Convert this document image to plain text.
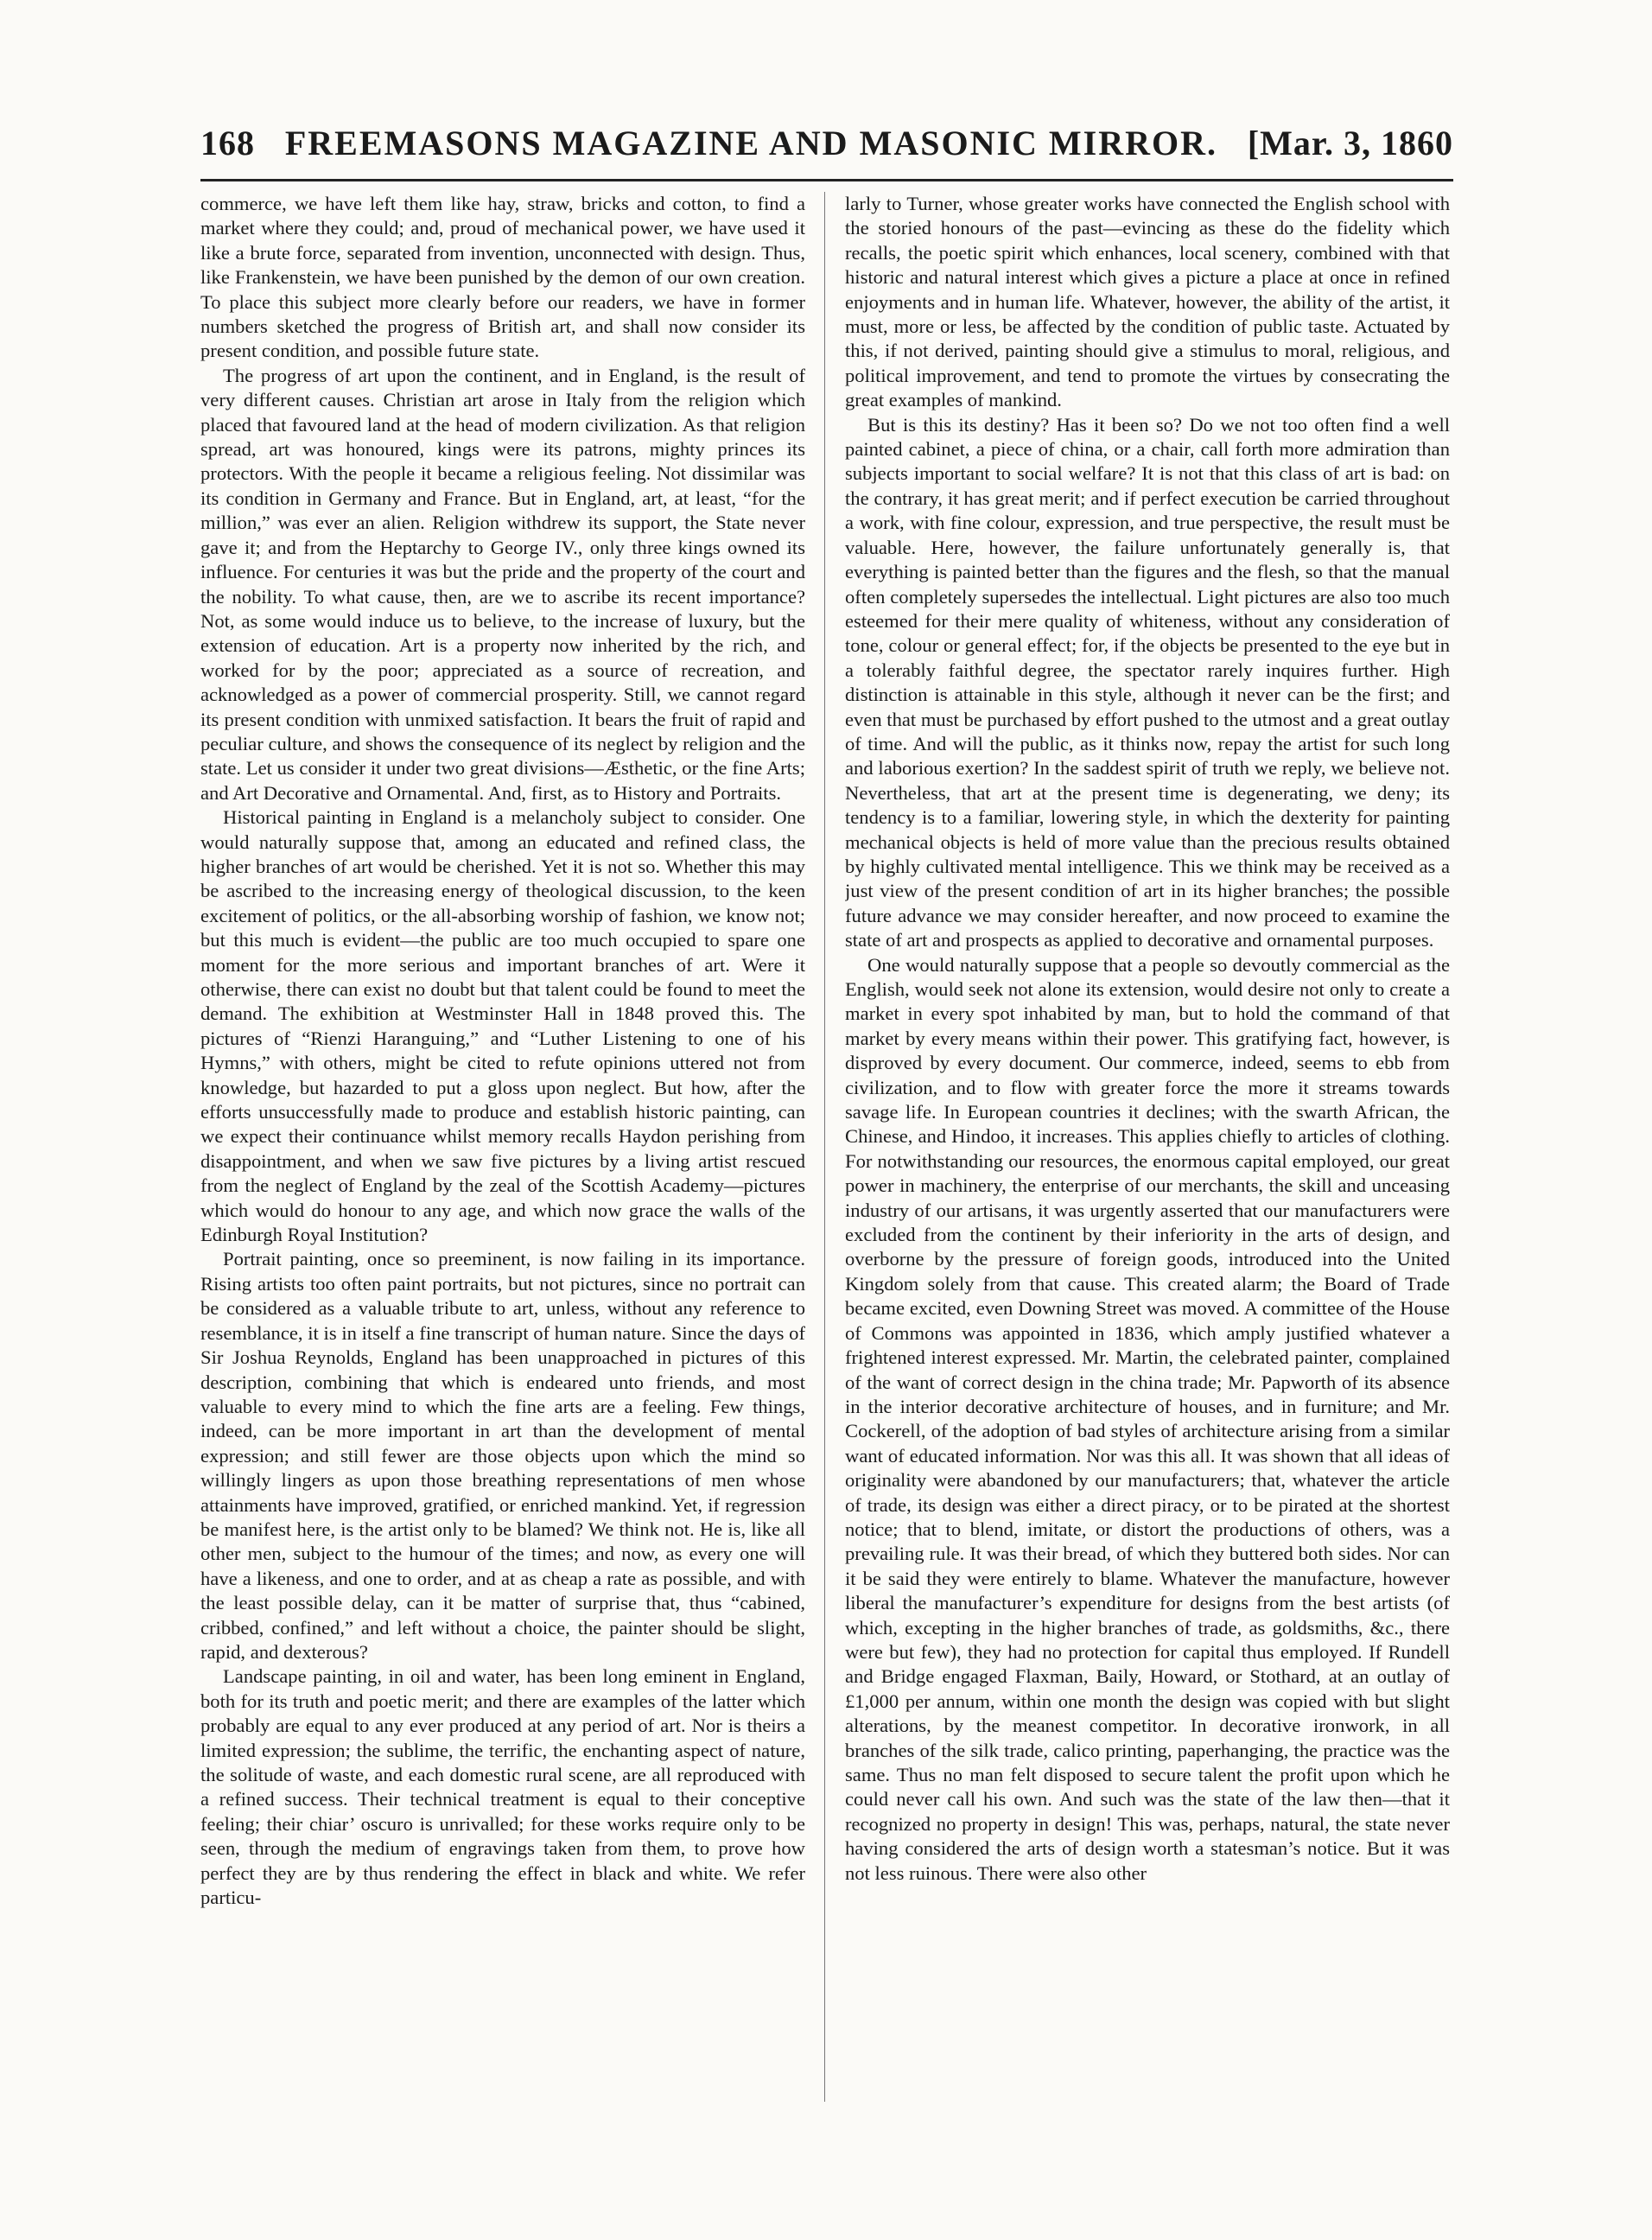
168 FREEMASONS MAGAZINE AND MASONIC MIRROR. [Mar. 3, 1860

commerce, we have left them like hay, straw, bricks and cotton, to find a market where they could; and, proud of mechanical power, we have used it like a brute force, separated from invention, unconnected with design. Thus, like Frankenstein, we have been punished by the demon of our own creation. To place this subject more clearly before our readers, we have in former numbers sketched the progress of British art, and shall now consider its present condition, and possible future state.

The progress of art upon the continent, and in England, is the result of very different causes. Christian art arose in Italy from the religion which placed that favoured land at the head of modern civilization. As that religion spread, art was honoured, kings were its patrons, mighty princes its protectors. With the people it became a religious feeling. Not dissimilar was its condition in Germany and France. But in England, art, at least, “for the million,” was ever an alien. Religion withdrew its support, the State never gave it; and from the Heptarchy to George IV., only three kings owned its influence. For centuries it was but the pride and the property of the court and the nobility. To what cause, then, are we to ascribe its recent importance? Not, as some would induce us to believe, to the increase of luxury, but the extension of education. Art is a property now inherited by the rich, and worked for by the poor; appreciated as a source of recreation, and acknowledged as a power of commercial prosperity. Still, we cannot regard its present condition with unmixed satisfaction. It bears the fruit of rapid and peculiar culture, and shows the consequence of its neglect by religion and the state. Let us consider it under two great divisions—Æsthetic, or the fine Arts; and Art Decorative and Ornamental. And, first, as to History and Portraits.

Historical painting in England is a melancholy subject to consider. One would naturally suppose that, among an educated and refined class, the higher branches of art would be cherished. Yet it is not so. Whether this may be ascribed to the increasing energy of theological discussion, to the keen excitement of politics, or the all-absorbing worship of fashion, we know not; but this much is evident—the public are too much occupied to spare one moment for the more serious and important branches of art. Were it otherwise, there can exist no doubt but that talent could be found to meet the demand. The exhibition at Westminster Hall in 1848 proved this. The pictures of “Rienzi Haranguing,” and “Luther Listening to one of his Hymns,” with others, might be cited to refute opinions uttered not from knowledge, but hazarded to put a gloss upon neglect. But how, after the efforts unsuccessfully made to produce and establish historic painting, can we expect their continuance whilst memory recalls Haydon perishing from disappointment, and when we saw five pictures by a living artist rescued from the neglect of England by the zeal of the Scottish Academy—pictures which would do honour to any age, and which now grace the walls of the Edinburgh Royal Institution?

Portrait painting, once so preeminent, is now failing in its importance. Rising artists too often paint portraits, but not pictures, since no portrait can be considered as a valuable tribute to art, unless, without any reference to resemblance, it is in itself a fine transcript of human nature. Since the days of Sir Joshua Reynolds, England has been unapproached in pictures of this description, combining that which is endeared unto friends, and most valuable to every mind to which the fine arts are a feeling. Few things, indeed, can be more important in art than the development of mental expression; and still fewer are those objects upon which the mind so willingly lingers as upon those breathing representations of men whose attainments have improved, gratified, or enriched mankind. Yet, if regression be manifest here, is the artist only to be blamed? We think not. He is, like all other men, subject to the humour of the times; and now, as every one will have a likeness, and one to order, and at as cheap a rate as possible, and with the least possible delay, can it be matter of surprise that, thus “cabined, cribbed, confined,” and left without a choice, the painter should be slight, rapid, and dexterous?

Landscape painting, in oil and water, has been long eminent in England, both for its truth and poetic merit; and there are examples of the latter which probably are equal to any ever produced at any period of art. Nor is theirs a limited expression; the sublime, the terrific, the enchanting aspect of nature, the solitude of waste, and each domestic rural scene, are all reproduced with a refined success. Their technical treatment is equal to their conceptive feeling; their chiar’ oscuro is unrivalled; for these works require only to be seen, through the medium of engravings taken from them, to prove how perfect they are by thus rendering the effect in black and white. We refer particu-

larly to Turner, whose greater works have connected the English school with the storied honours of the past—evincing as these do the fidelity which recalls, the poetic spirit which enhances, local scenery, combined with that historic and natural interest which gives a picture a place at once in refined enjoyments and in human life. Whatever, however, the ability of the artist, it must, more or less, be affected by the condition of public taste. Actuated by this, if not derived, painting should give a stimulus to moral, religious, and political improvement, and tend to promote the virtues by consecrating the great examples of mankind.

But is this its destiny? Has it been so? Do we not too often find a well painted cabinet, a piece of china, or a chair, call forth more admiration than subjects important to social welfare? It is not that this class of art is bad: on the contrary, it has great merit; and if perfect execution be carried throughout a work, with fine colour, expression, and true perspective, the result must be valuable. Here, however, the failure unfortunately generally is, that everything is painted better than the figures and the flesh, so that the manual often completely supersedes the intellectual. Light pictures are also too much esteemed for their mere quality of whiteness, without any consideration of tone, colour or general effect; for, if the objects be presented to the eye but in a tolerably faithful degree, the spectator rarely inquires further. High distinction is attainable in this style, although it never can be the first; and even that must be purchased by effort pushed to the utmost and a great outlay of time. And will the public, as it thinks now, repay the artist for such long and laborious exertion? In the saddest spirit of truth we reply, we believe not. Nevertheless, that art at the present time is degenerating, we deny; its tendency is to a familiar, lowering style, in which the dexterity for painting mechanical objects is held of more value than the precious results obtained by highly cultivated mental intelligence. This we think may be received as a just view of the present condition of art in its higher branches; the possible future advance we may consider hereafter, and now proceed to examine the state of art and prospects as applied to decorative and ornamental purposes.

One would naturally suppose that a people so devoutly commercial as the English, would seek not alone its extension, would desire not only to create a market in every spot inhabited by man, but to hold the command of that market by every means within their power. This gratifying fact, however, is disproved by every document. Our commerce, indeed, seems to ebb from civilization, and to flow with greater force the more it streams towards savage life. In European countries it declines; with the swarth African, the Chinese, and Hindoo, it increases. This applies chiefly to articles of clothing. For notwithstanding our resources, the enormous capital employed, our great power in machinery, the enterprise of our merchants, the skill and unceasing industry of our artisans, it was urgently asserted that our manufacturers were excluded from the continent by their inferiority in the arts of design, and overborne by the pressure of foreign goods, introduced into the United Kingdom solely from that cause. This created alarm; the Board of Trade became excited, even Downing Street was moved. A committee of the House of Commons was appointed in 1836, which amply justified whatever a frightened interest expressed. Mr. Martin, the celebrated painter, complained of the want of correct design in the china trade; Mr. Papworth of its absence in the interior decorative architecture of houses, and in furniture; and Mr. Cockerell, of the adoption of bad styles of architecture arising from a similar want of educated information. Nor was this all. It was shown that all ideas of originality were abandoned by our manufacturers; that, whatever the article of trade, its design was either a direct piracy, or to be pirated at the shortest notice; that to blend, imitate, or distort the productions of others, was a prevailing rule. It was their bread, of which they buttered both sides. Nor can it be said they were entirely to blame. Whatever the manufacture, however liberal the manufacturer’s expenditure for designs from the best artists (of which, excepting in the higher branches of trade, as goldsmiths, &c., there were but few), they had no protection for capital thus employed. If Rundell and Bridge engaged Flaxman, Baily, Howard, or Stothard, at an outlay of £1,000 per annum, within one month the design was copied with but slight alterations, by the meanest competitor. In decorative ironwork, in all branches of the silk trade, calico printing, paperhanging, the practice was the same. Thus no man felt disposed to secure talent the profit upon which he could never call his own. And such was the state of the law then—that it recognized no property in design! This was, perhaps, natural, the state never having considered the arts of design worth a statesman’s notice. But it was not less ruinous. There were also other
